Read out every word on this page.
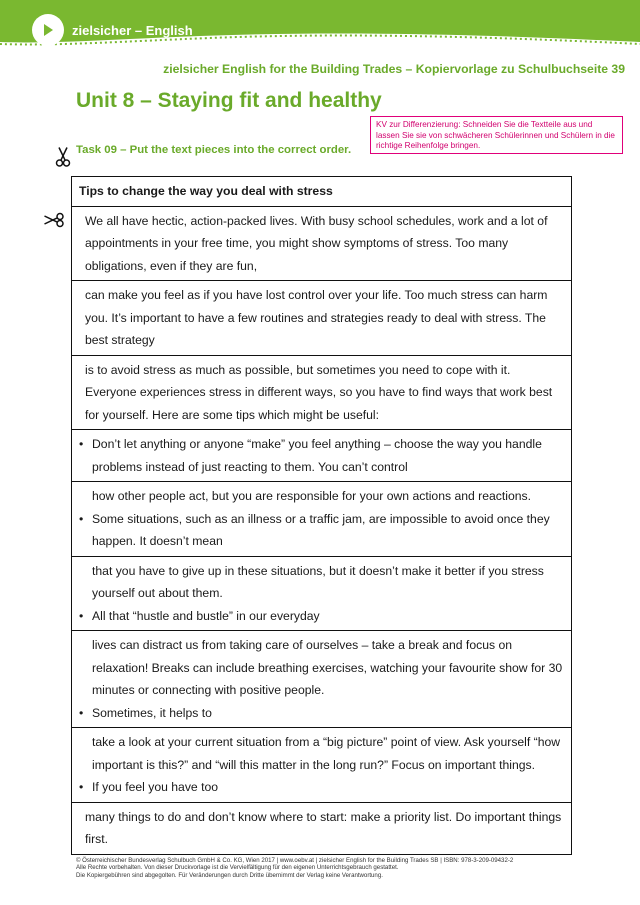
zielsicher – English
zielsicher English for the Building Trades – Kopiervorlage zu Schulbuchseite 39
Unit 8 – Staying fit and healthy
KV zur Differenzierung: Schneiden Sie die Textteile aus und lassen Sie sie von schwächeren Schülerinnen und Schülern in die richtige Reihenfolge bringen.
Task 09 – Put the text pieces into the correct order.
Tips to change the way you deal with stress
We all have hectic, action-packed lives. With busy school schedules, work and a lot of appointments in your free time, you might show symptoms of stress. Too many obligations, even if they are fun,
can make you feel as if you have lost control over your life. Too much stress can harm you. It’s important to have a few routines and strategies ready to deal with stress. The best strategy
is to avoid stress as much as possible, but sometimes you need to cope with it. Everyone experiences stress in different ways, so you have to find ways that work best for yourself. Here are some tips which might be useful:
• Don’t let anything or anyone “make” you feel anything – choose the way you handle problems instead of just reacting to them. You can’t control
how other people act, but you are responsible for your own actions and reactions.
• Some situations, such as an illness or a traffic jam, are impossible to avoid once they happen. It doesn’t mean
that you have to give up in these situations, but it doesn’t make it better if you stress yourself out about them.
• All that “hustle and bustle” in our everyday
lives can distract us from taking care of ourselves – take a break and focus on relaxation! Breaks can include breathing exercises, watching your favourite show for 30 minutes or connecting with positive people.
• Sometimes, it helps to
take a look at your current situation from a “big picture” point of view. Ask yourself “how important is this?” and “will this matter in the long run?” Focus on important things.
• If you feel you have too
many things to do and don’t know where to start: make a priority list. Do important things first.
© Österreichischer Bundesverlag Schulbuch GmbH & Co. KG, Wien 2017 | www.oebv.at | zielsicher English for the Building Trades SB | ISBN: 978-3-209-09432-2
Alle Rechte vorbehalten. Von dieser Druckvorlage ist die Vervielfältigung für den eigenen Unterrichtsgebrauch gestattet.
Die Kopiergebühren sind abgegolten. Für Veränderungen durch Dritte übernimmt der Verlag keine Verantwortung.
